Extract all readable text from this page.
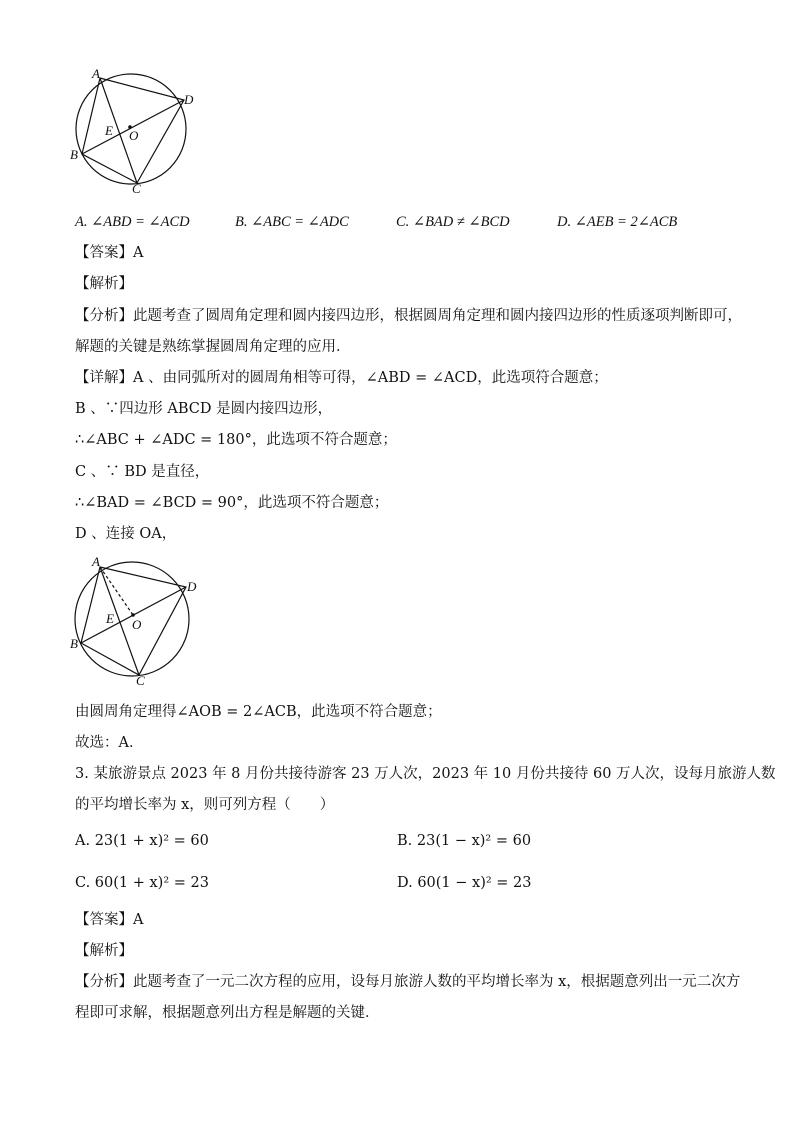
A
B
C
D
E O
A. ∠ABD = ∠ACD	B. ∠ABC = ∠ADC	C. ∠BAD ≠ ∠BCD	D. ∠AEB = 2∠ACB
【答案】A
【解析】
【分析】此题考查了圆周角定理和圆内接四边形，根据圆周角定理和圆内接四边形的性质逐项判断即可，
解题的关键是熟练掌握圆周角定理的应用．
【详解】A 、由同弧所对的圆周角相等可得，∠ABD = ∠ACD，此选项符合题意；
B 、∵四边形 ABCD 是圆内接四边形，
∴∠ABC + ∠ADC = 180°，此选项不符合题意；
C 、∵ BD 是直径，
∴∠BAD = ∠BCD = 90°，此选项不符合题意；
D 、连接 OA，
A
B
C
D
E O
由圆周角定理得∠AOB = 2∠ACB，此选项不符合题意；
故选：A．
3. 某旅游景点 2023 年 8 月份共接待游客 23 万人次，2023 年 10 月份共接待 60 万人次，设每月旅游人数
的平均增长率为 x，则可列方程（　　）
A. 23(1 + x)² = 60	B. 23(1 − x)² = 60
C. 60(1 + x)² = 23	D. 60(1 − x)² = 23
【答案】A
【解析】
【分析】此题考查了一元二次方程的应用，设每月旅游人数的平均增长率为 x，根据题意列出一元二次方
程即可求解，根据题意列出方程是解题的关键．
